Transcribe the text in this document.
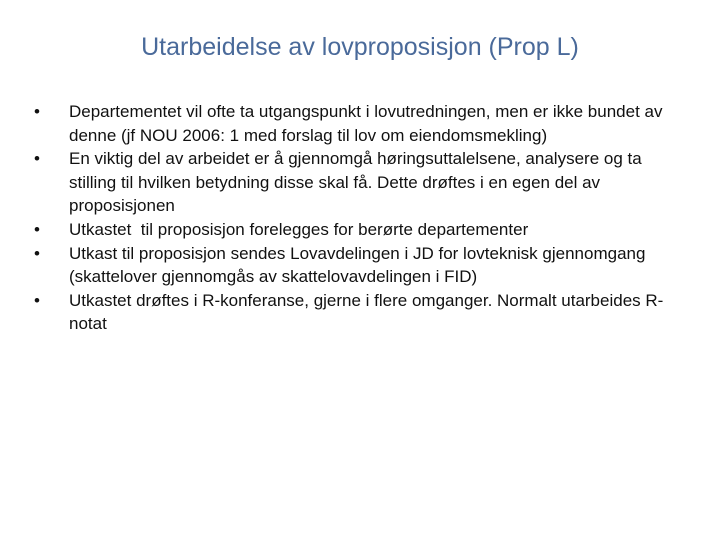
Utarbeidelse av lovproposisjon (Prop L)
• Departementet vil ofte ta utgangspunkt i lovutredningen, men er ikke bundet av denne (jf NOU 2006: 1 med forslag til lov om eiendomsmekling)
• En viktig del av arbeidet er å gjennomgå høringsuttalelsene, analysere og ta stilling til hvilken betydning disse skal få. Dette drøftes i en egen del av proposisjonen
• Utkastet  til proposisjon forelegges for berørte departementer
• Utkast til proposisjon sendes Lovavdelingen i JD for lovteknisk gjennomgang (skattelover gjennomgås av skattelovavdelingen i FID)
• Utkastet drøftes i R-konferanse, gjerne i flere omganger. Normalt utarbeides R-notat
